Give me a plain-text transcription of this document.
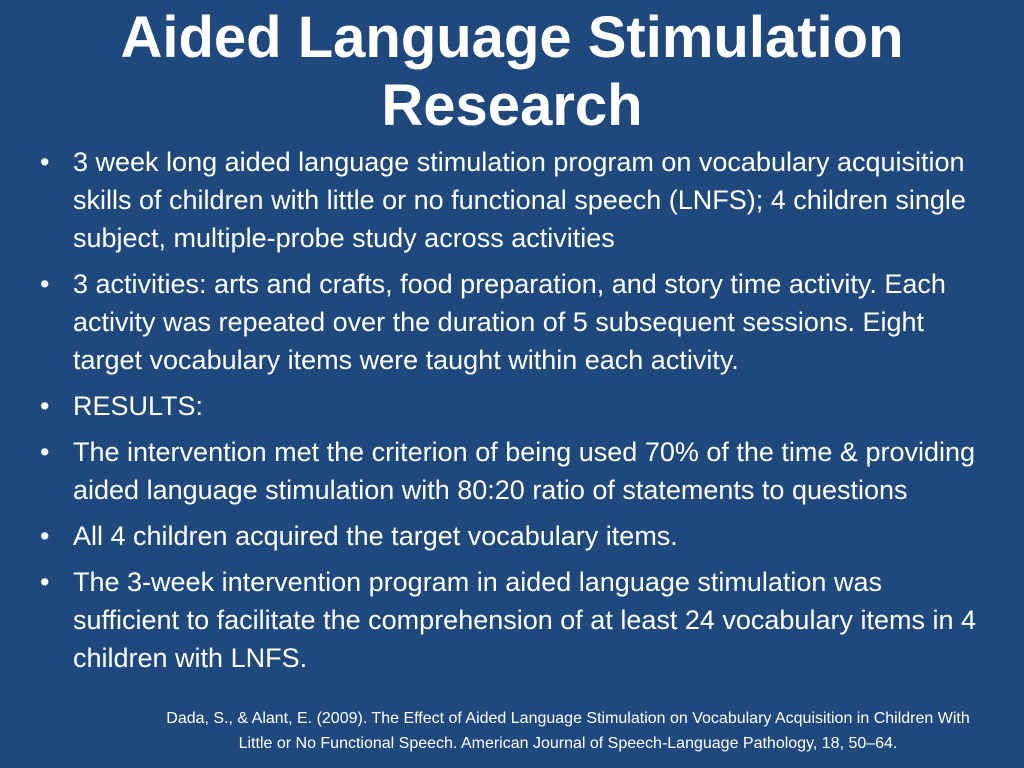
Aided Language Stimulation
Research
• 3 week long aided language stimulation program on vocabulary acquisition skills of children with little or no functional speech (LNFS); 4 children single subject, multiple-probe study across activities
• 3 activities: arts and crafts, food preparation, and story time activity. Each activity was repeated over the duration of 5 subsequent sessions. Eight target vocabulary items were taught within each activity.
• RESULTS:
• The intervention met the criterion of being used 70% of the time & providing aided language stimulation with 80:20 ratio of statements to questions
• All 4 children acquired the target vocabulary items.
• The 3-week intervention program in aided language stimulation was sufficient to facilitate the comprehension of at least 24 vocabulary items in 4 children with LNFS.
Dada, S., & Alant, E. (2009). The Effect of Aided Language Stimulation on Vocabulary Acquisition in Children With
Little or No Functional Speech. American Journal of Speech-Language Pathology, 18, 50–64.
